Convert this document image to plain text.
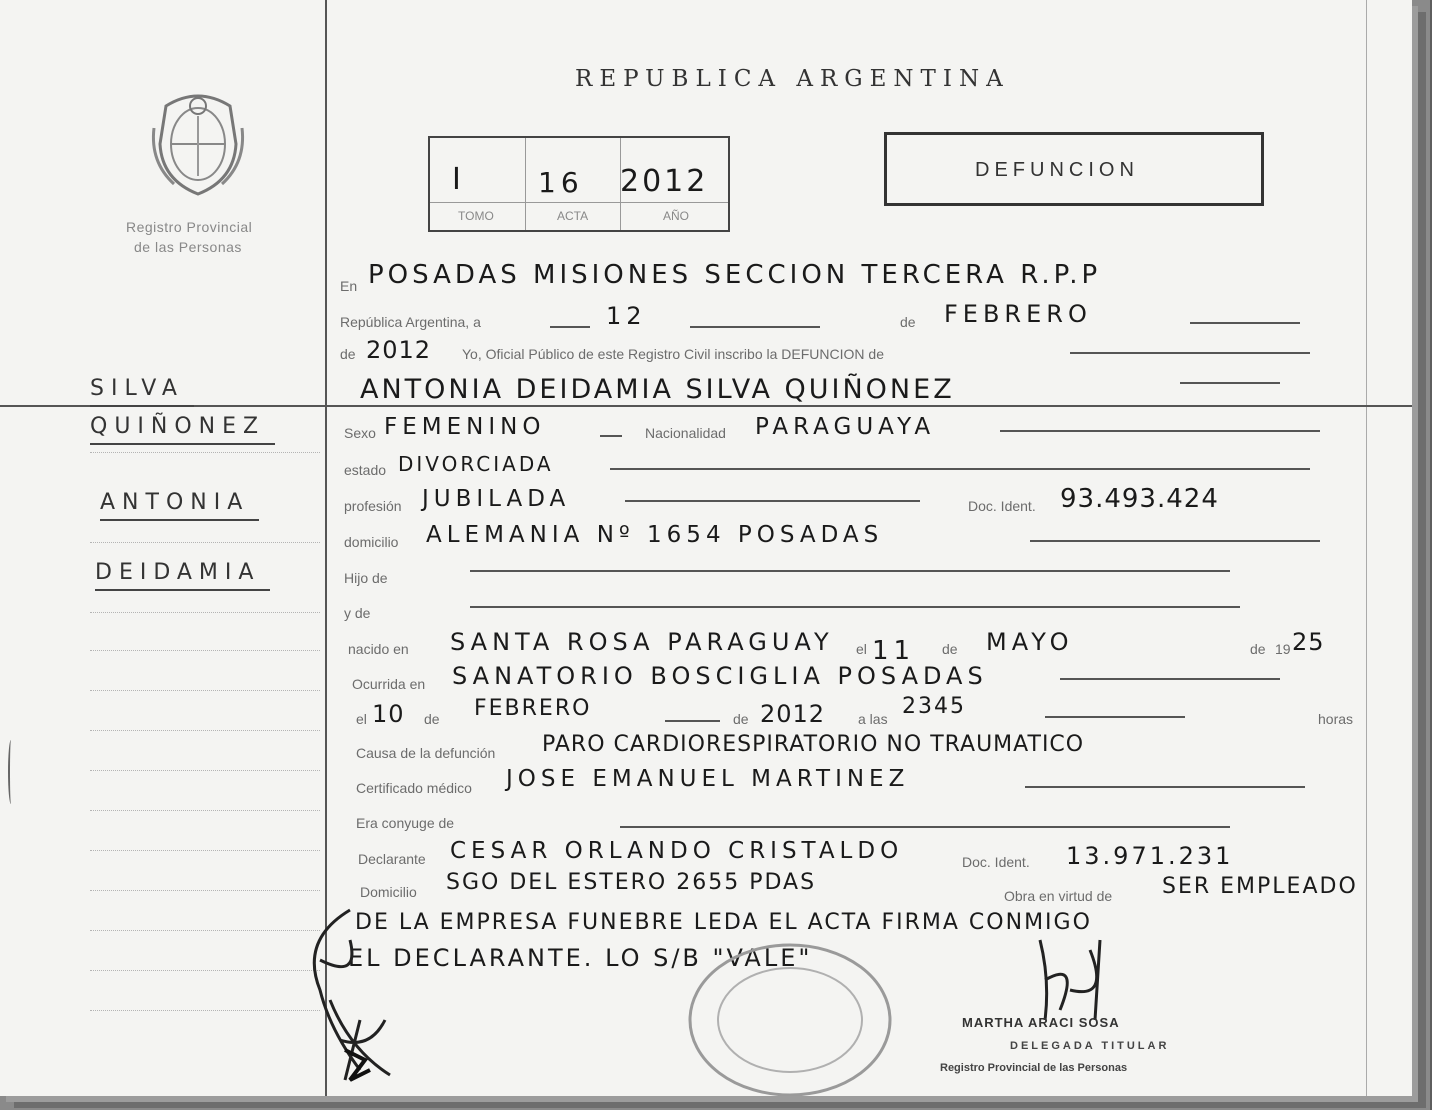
Registro Provincial
de las Personas
SILVA
QUIÑONEZ
ANTONIA
DEIDAMIA
REPUBLICA ARGENTINA
I	16 2012
TOMO	ACTA	AÑO
DEFUNCION
En POSADAS MISIONES SECCION TERCERA R.P.P
República Argentina, a	12	de FEBRERO
de 2012 Yo, Oficial Público de este Registro Civil inscribo la DEFUNCION de
ANTONIA DEIDAMIA SILVA QUIÑONEZ
Sexo FEMENINO	Nacionalidad PARAGUAYA
estado DIVORCIADA
profesión JUBILADA	Doc. Ident. 93.493.424
domicilio ALEMANIA Nº 1654 POSADAS
Hijo de
y de
nacido en SANTA ROSA PARAGUAY el 11 de MAYO	de 19 25
Ocurrida en SANATORIO BOSCIGLIA POSADAS
el 10 de FEBRERO	de 2012 a las 2345	horas
Causa de la defunción PARO CARDIORESPIRATORIO NO TRAUMATICO
Certificado médico JOSE EMANUEL MARTINEZ
Era conyuge de
Declarante CESAR ORLANDO CRISTALDO	Doc. Ident. 13.971.231
Domicilio SGO DEL ESTERO 2655 PDAS
Obra en virtud de SER EMPLEADO
DE LA EMPRESA FUNEBRE LEDA EL ACTA FIRMA CONMIGO
EL DECLARANTE. LO S/B "VALE"
MARTHA ARACI SOSA
DELEGADA TITULAR
Registro Provincial de las Personas
